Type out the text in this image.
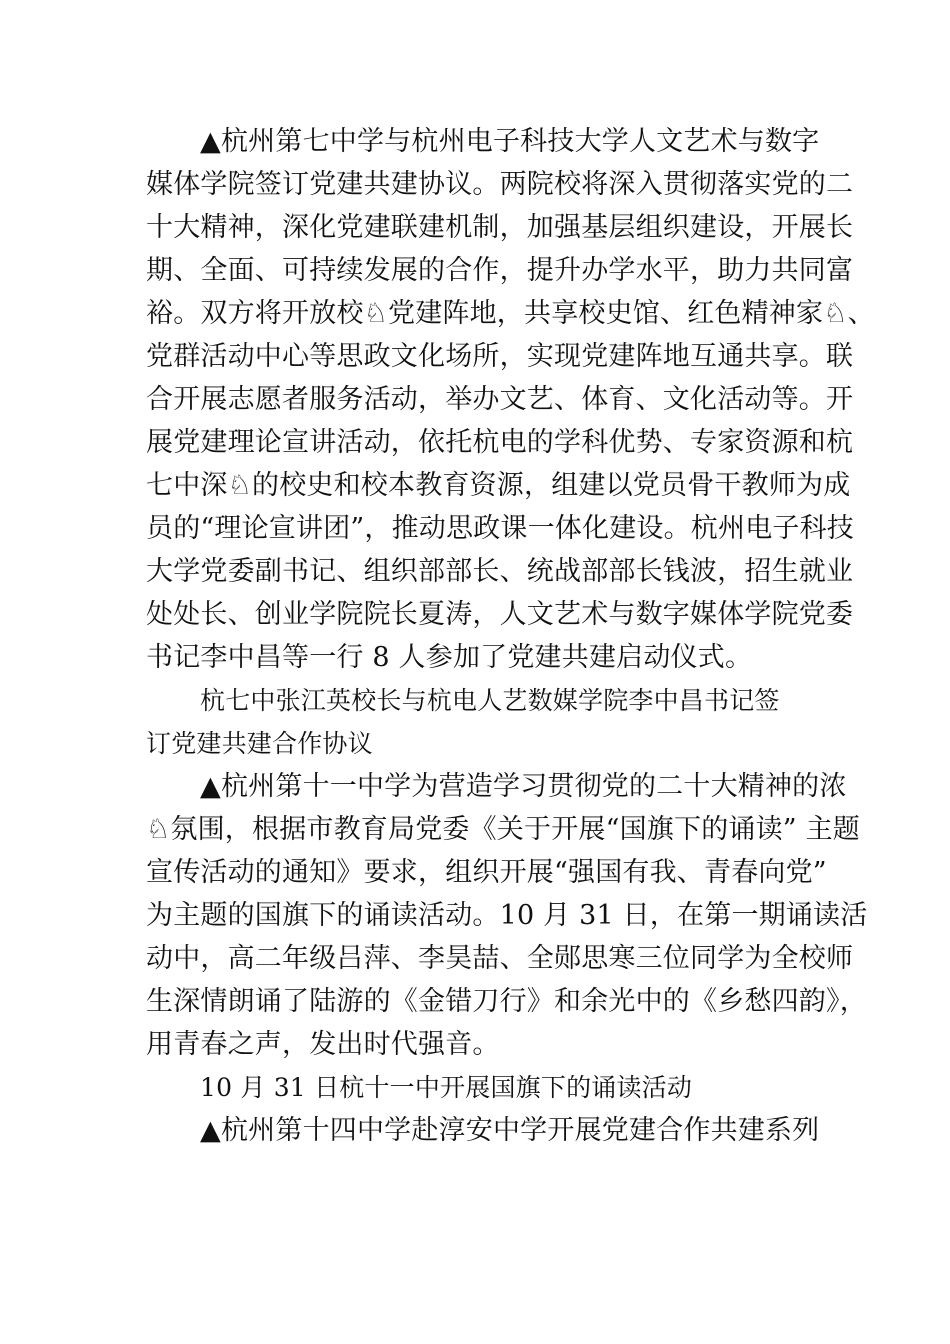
▲杭州第七中学与杭州电子科技大学人文艺术与数字
媒体学院签订党建共建协议。两院校将深入贯彻落实党的二
十大精神，深化党建联建机制，加强基层组织建设，开展长
期、全面、可持续发展的合作，提升办学水平，助力共同富
裕。双方将开放校♘党建阵地，共享校史馆、红色精神家♘、
党群活动中心等思政文化场所，实现党建阵地互通共享。联
合开展志愿者服务活动，举办文艺、体育、文化活动等。开
展党建理论宣讲活动，依托杭电的学科优势、专家资源和杭
七中深♘的校史和校本教育资源，组建以党员骨干教师为成
员的“理论宣讲团”，推动思政课一体化建设。杭州电子科技
大学党委副书记、组织部部长、统战部部长钱波，招生就业
处处长、创业学院院长夏涛，人文艺术与数字媒体学院党委
书记李中昌等一行 8 人参加了党建共建启动仪式。
杭七中张江英校长与杭电人艺数媒学院李中昌书记签
订党建共建合作协议
▲杭州第十一中学为营造学习贯彻党的二十大精神的浓
♘氛围，根据市教育局党委《关于开展“国旗下的诵读” 主题
宣传活动的通知》要求，组织开展“强国有我、青春向党”
为主题的国旗下的诵读活动。10 月 31 日，在第一期诵读活
动中，高二年级吕萍、李昊喆、全郧思寒三位同学为全校师
生深情朗诵了陆游的《金错刀行》和余光中的《乡愁四韵》，
用青春之声，发出时代强音。
10 月 31 日杭十一中开展国旗下的诵读活动
▲杭州第十四中学赴淳安中学开展党建合作共建系列
